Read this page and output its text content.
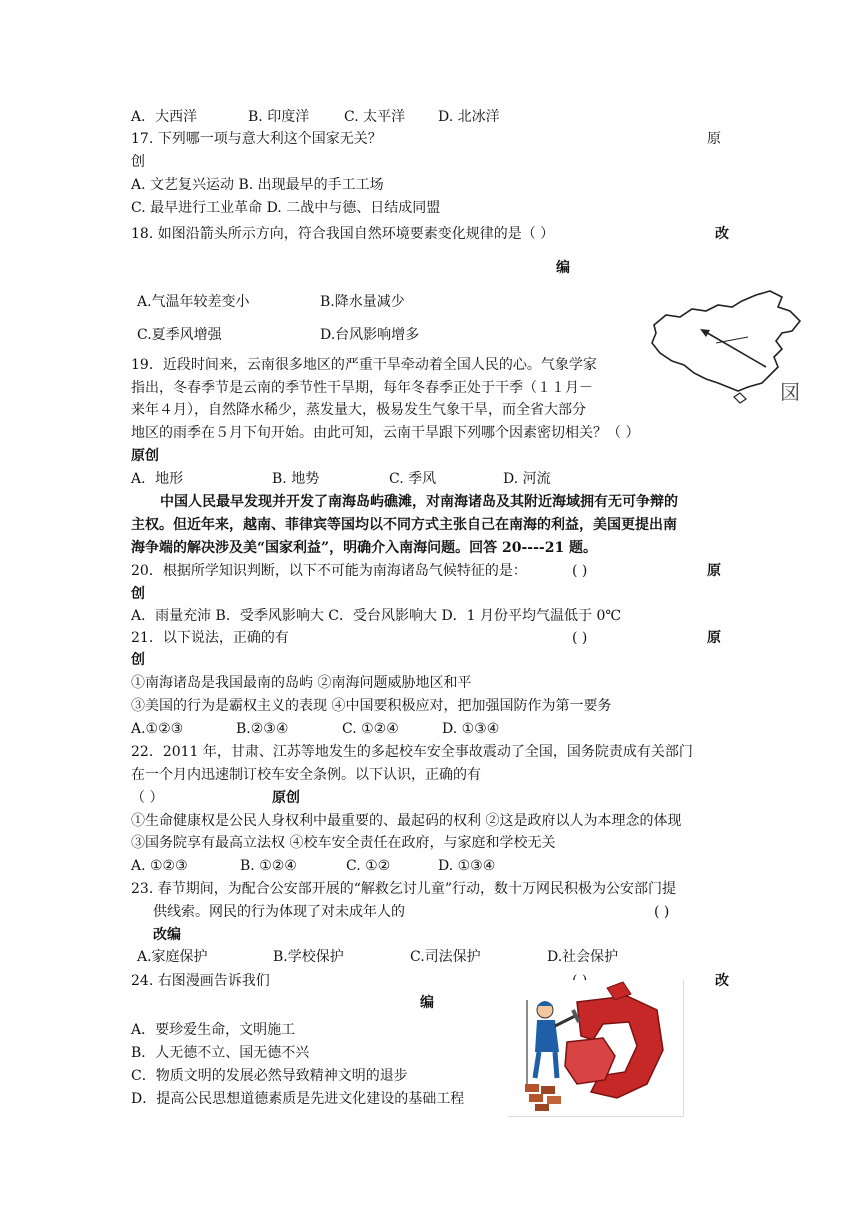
A．大西洋	B. 印度洋 C. 太平洋 D. 北冰洋
17. 下列哪一项与意大利这个国家无关？	原
创
A. 文艺复兴运动 B. 出现最早的手工工场
C. 最早进行工业革命 D. 二战中与德、日结成同盟
18. 如图沿箭头所示方向，符合我国自然环境要素变化规律的是（ ）	改
编
A.气温年较差变小	B.降水量减少
C.夏季风增强	D.台风影响增多
㘝
19．近段时间来，云南很多地区的严重干旱牵动着全国人民的心。气象学家
指出，冬春季节是云南的季节性干旱期，每年冬春季正处于干季（１１月－
来年４月），自然降水稀少，蒸发量大，极易发生气象干旱，而全省大部分
地区的雨季在５月下旬开始。由此可知，云南干旱跟下列哪个因素密切相关？（ ）
原创
A．地形	B. 地势	C. 季风	D. 河流
中国人民最早发现并开发了南海岛屿礁滩，对南海诸岛及其附近海域拥有无可争辩的
主权。但近年来，越南、菲律宾等国均以不同方式主张自己在南海的利益，美国更提出南
海争端的解决涉及美“国家利益”，明确介入南海问题。回答 20----21 题。
20．根据所学知识判断，以下不可能为南海诸岛气候特征的是：	( )	原
创
A．雨量充沛 B．受季风影响大 C．受台风影响大 D．1 月份平均气温低于 0℃
21．以下说法，正确的有	( )	原
创
①南海诸岛是我国最南的岛屿 ②南海问题威胁地区和平
③美国的行为是霸权主义的表现 ④中国要积极应对，把加强国防作为第一要务
A.①②③	B.②③④	C. ①②④	D. ①③④
22．2011 年，甘肃、江苏等地发生的多起校车安全事故震动了全国，国务院责成有关部门
在一个月内迅速制订校车安全条例。以下认识，正确的有
（ ）	原创
①生命健康权是公民人身权利中最重要的、最起码的权利 ②这是政府以人为本理念的体现
③国务院享有最高立法权 ④校车安全责任在政府，与家庭和学校无关
A. ①②③	B. ①②④	C. ①②	D. ①③④
23. 春节期间，为配合公安部开展的“解救乞讨儿童”行动，数十万网民积极为公安部门提
供线索。网民的行为体现了对未成年人的	( )
改编
A.家庭保护	B.学校保护	C.司法保护	D.社会保护
24. 右图漫画告诉我们	( )	改
编
A．要珍爱生命，文明施工
B．人无德不立、国无德不兴
C．物质文明的发展必然导致精神文明的退步
D．提高公民思想道德素质是先进文化建设的基础工程
